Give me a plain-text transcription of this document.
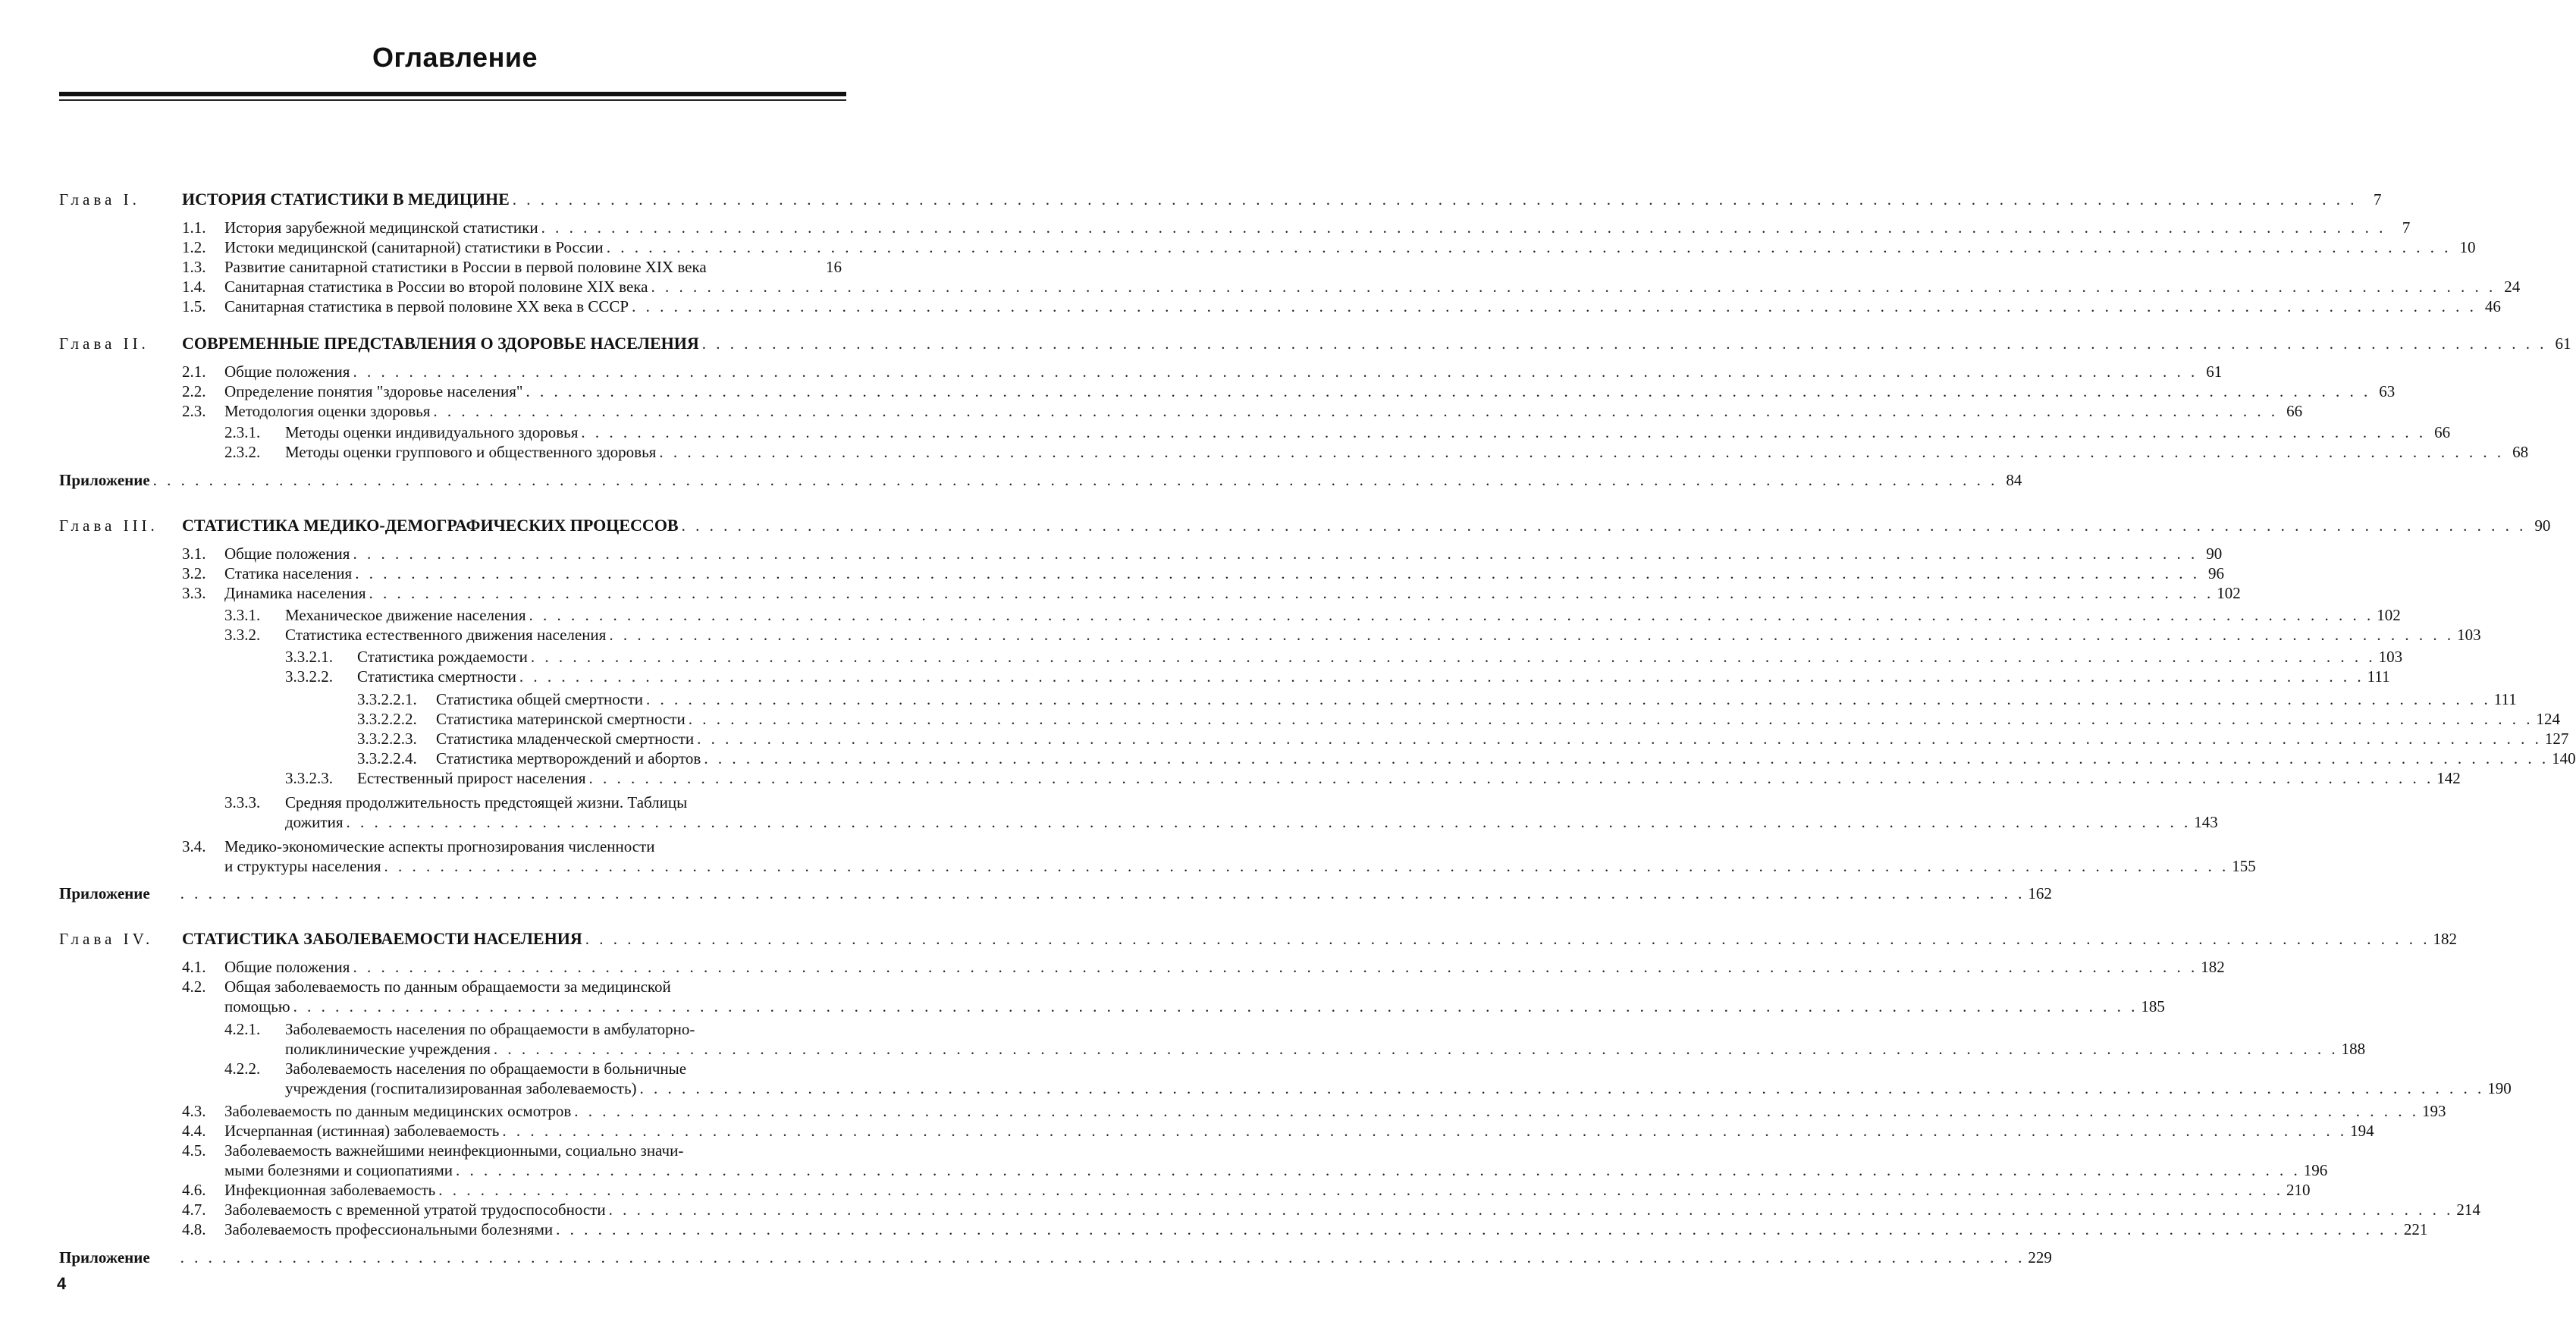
Оглавление
Глава I.	ИСТОРИЯ СТАТИСТИКИ В МЕДИЦИНЕ . . .	7
1.1. История зарубежной медицинской статистики . . .	7
1.2. Истоки медицинской (санитарной) статистики в России . . .	10
1.3. Развитие санитарной статистики в России в первой половине XIX века	16
1.4. Санитарная статистика в России во второй половине XIX века . . .	24
1.5. Санитарная статистика в первой половине XX века в СССР . . .	46
Глава II. СОВРЕМЕННЫЕ ПРЕДСТАВЛЕНИЯ О ЗДОРОВЬЕ НАСЕЛЕНИЯ . . .	61
2.1. Общие положения . . .	61
2.2. Определение понятия "здоровье населения" . . .	63
2.3. Методология оценки здоровья . . .	66
2.3.1. Методы оценки индивидуального здоровья . . .	66
2.3.2. Методы оценки группового и общественного здоровья . . .	68
Приложение . . .	84
Глава III. СТАТИСТИКА МЕДИКО-ДЕМОГРАФИЧЕСКИХ ПРОЦЕССОВ . . .	90
3.1. Общие положения . . .	90
3.2. Статика населения . . .	96
3.3. Динамика населения . . .	102
3.3.1. Механическое движение населения . . .	102
3.3.2. Статистика естественного движения населения . . .	103
3.3.2.1. Статистика рождаемости . . .	103
3.3.2.2. Статистика смертности . . .	111
3.3.2.2.1. Статистика общей смертности . . .	111
3.3.2.2.2. Статистика материнской смертности . . .	124
3.3.2.2.3. Статистика младенческой смертности . . .	127
3.3.2.2.4. Статистика мертворождений и абортов . . .	140
3.3.2.3. Естественный прирост населения . . .	142
3.3.3. Средняя продолжительность предстоящей жизни. Таблицы
дожития . . .	143
3.4. Медико-экономические аспекты прогнозирования численности
и структуры населения . . .	155
Приложение . . .	162
Глава IV. СТАТИСТИКА ЗАБОЛЕВАЕМОСТИ НАСЕЛЕНИЯ . . .	182
4.1. Общие положения . . .	182
4.2. Общая заболеваемость по данным обращаемости за медицинской
помощью . . .	185
4.2.1. Заболеваемость населения по обращаемости в амбулаторно-
поликлинические учреждения . . .	188
4.2.2. Заболеваемость населения по обращаемости в больничные
учреждения (госпитализированная заболеваемость) . . .	190
4.3. Заболеваемость по данным медицинских осмотров . . .	193
4.4. Исчерпанная (истинная) заболеваемость . . .	194
4.5. Заболеваемость важнейшими неинфекционными, социально значи-
мыми болезнями и социопатиями . . .	196
4.6. Инфекционная заболеваемость . . .	210
4.7. Заболеваемость с временной утратой трудоспособности . . .	214
4.8. Заболеваемость профессиональными болезнями . . .	221
Приложение . . .	229
4
